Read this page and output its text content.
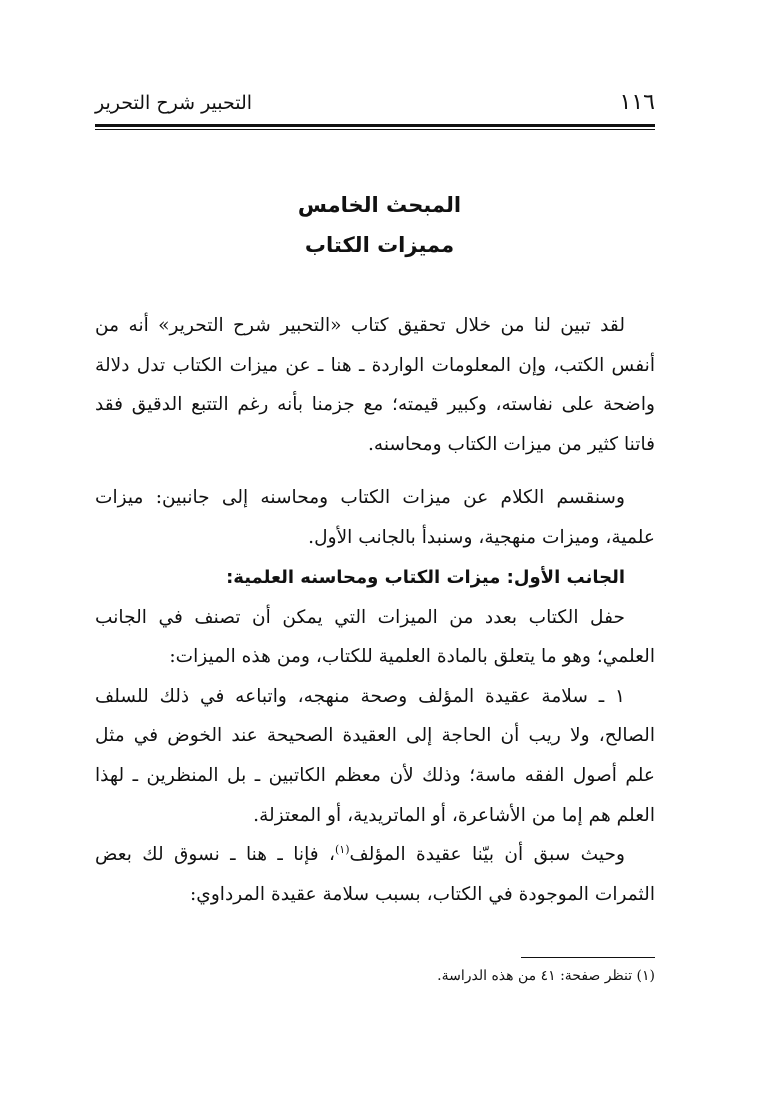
١١٦
التحبير شرح التحرير
المبحث الخامس
مميزات الكتاب

لقد تبين لنا من خلال تحقيق كتاب «التحبير شرح التحرير» أنه من أنفس الكتب، وإن المعلومات الواردة ـ هنا ـ عن ميزات الكتاب تدل دلالة واضحة على نفاسته، وكبير قيمته؛ مع جزمنا بأنه رغم التتبع الدقيق فقد فاتنا كثير من ميزات الكتاب ومحاسنه.

وسنقسم الكلام عن ميزات الكتاب ومحاسنه إلى جانبين: ميزات علمية، وميزات منهجية، وسنبدأ بالجانب الأول.

الجانب الأول: ميزات الكتاب ومحاسنه العلمية:

حفل الكتاب بعدد من الميزات التي يمكن أن تصنف في الجانب العلمي؛ وهو ما يتعلق بالمادة العلمية للكتاب، ومن هذه الميزات:

١ ـ سلامة عقيدة المؤلف وصحة منهجه، واتباعه في ذلك للسلف الصالح، ولا ريب أن الحاجة إلى العقيدة الصحيحة عند الخوض في مثل علم أصول الفقه ماسة؛ وذلك لأن معظم الكاتبين ـ بل المنظرين ـ لهذا العلم هم إما من الأشاعرة، أو الماتريدية، أو المعتزلة.

وحيث سبق أن بيّنا عقيدة المؤلف$^{(١)}$، فإنا ـ هنا ـ نسوق لك بعض الثمرات الموجودة في الكتاب، بسبب سلامة عقيدة المرداوي:

(١) تنظر صفحة: ٤١ من هذه الدراسة.
